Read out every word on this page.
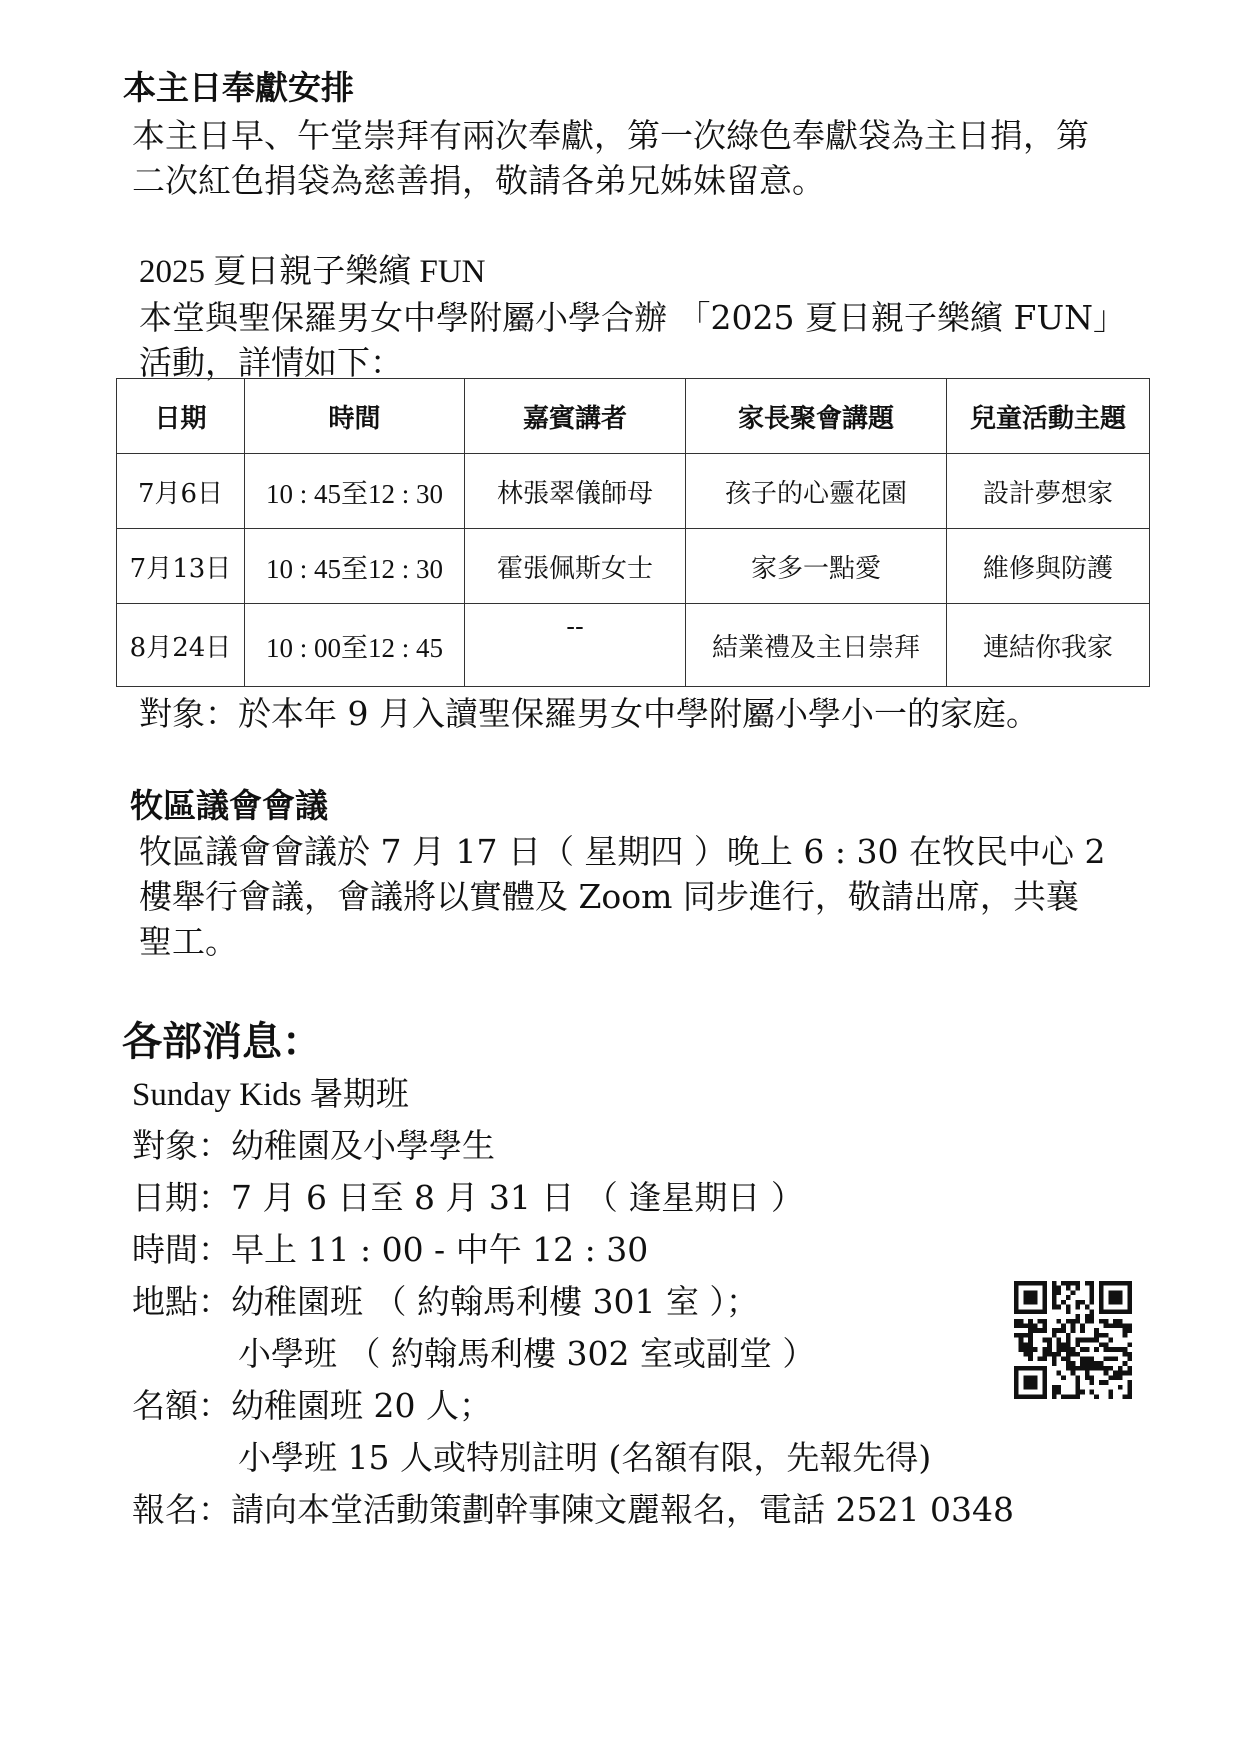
本主日奉獻安排
本主日早、午堂崇拜有兩次奉獻，第一次綠色奉獻袋為主日捐，第
二次紅色捐袋為慈善捐，敬請各弟兄姊妹留意。
2025 夏日親子樂繽 FUN
本堂與聖保羅男女中學附屬小學合辦 「2025 夏日親子樂繽 FUN」
活動，詳情如下：
日期	時間	嘉賓講者	家長聚會講題	兒童活動主題
7月6日	10 : 45至12 : 30	林張翠儀師母	孩子的心靈花園	設計夢想家
7月13日	10 : 45至12 : 30	霍張佩斯女士	家多一點愛	維修與防護
8月24日	10 : 00至12 : 45	--	結業禮及主日崇拜	連結你我家
對象：於本年 9 月入讀聖保羅男女中學附屬小學小一的家庭。
牧區議會會議
牧區議會會議於 7 月 17 日（ 星期四 ）晚上 6 : 30 在牧民中心 2
樓舉行會議，會議將以實體及 Zoom 同步進行，敬請出席，共襄
聖工。
各部消息：
Sunday Kids 暑期班
對象：幼稚園及小學學生
日期：7 月 6 日至 8 月 31 日 （ 逢星期日 ）
時間：早上 11 : 00 - 中午 12 : 30
地點：幼稚園班 （ 約翰馬利樓 301 室 ）；
小學班 （ 約翰馬利樓 302 室或副堂 ）
名額：幼稚園班 20 人；
小學班 15 人或特別註明 (名額有限，先報先得)
報名：請向本堂活動策劃幹事陳文麗報名，電話 2521 0348
